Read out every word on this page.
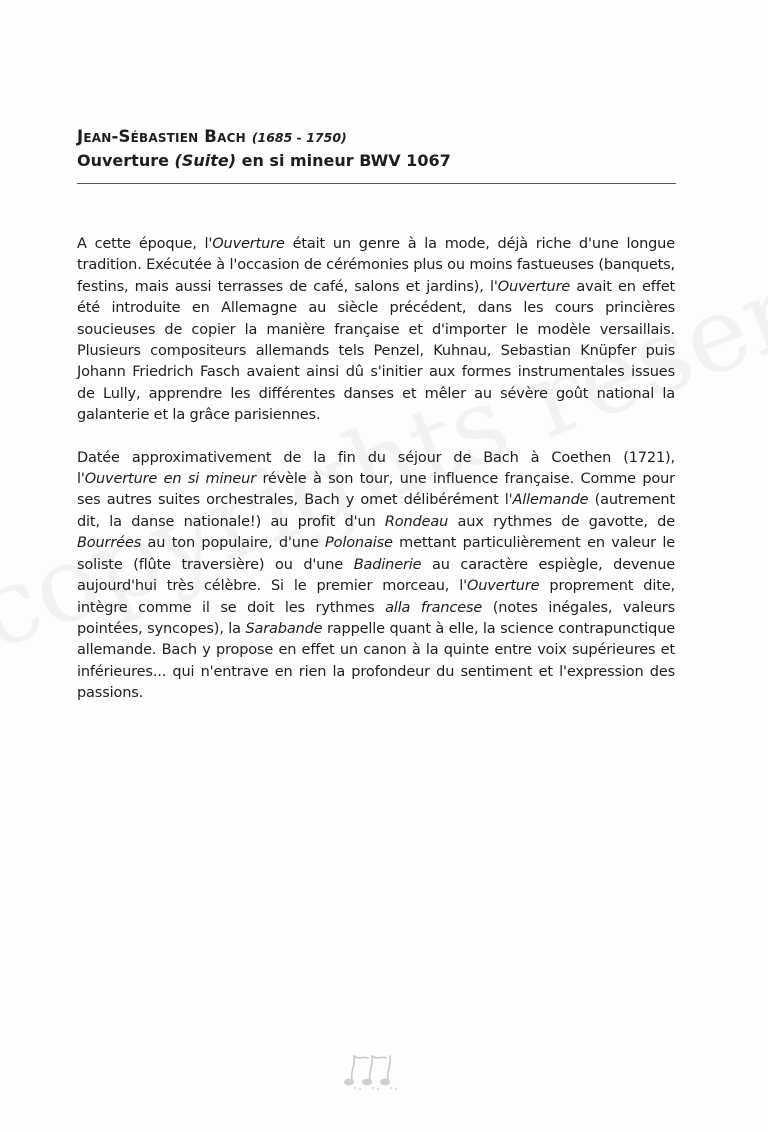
Jean-Sébastien Bach (1685 - 1750)
Ouverture (Suite) en si mineur BWV 1067

A cette époque, l'Ouverture était un genre à la mode, déjà riche d'une longue tradition. Exécutée à l'occasion de cérémonies plus ou moins fastueuses (banquets, festins, mais aussi terrasses de café, salons et jardins), l'Ouverture avait en effet été introduite en Allemagne au siècle précédent, dans les cours princières soucieuses de copier la manière française et d'importer le modèle versaillais. Plusieurs compositeurs allemands tels Penzel, Kuhnau, Sebastian Knüpfer puis Johann Friedrich Fasch avaient ainsi dû s'initier aux formes instrumentales issues de Lully, apprendre les différentes danses et mêler au sévère goût national la galanterie et la grâce parisiennes.

Datée approximativement de la fin du séjour de Bach à Coethen (1721), l'Ouverture en si mineur révèle à son tour, une influence française. Comme pour ses autres suites orchestrales, Bach y omet délibérément l'Allemande (autrement dit, la danse nationale!) au profit d'un Rondeau aux rythmes de gavotte, de Bourrées au ton populaire, d'une Polonaise mettant particulièrement en valeur le soliste (flûte traversière) ou d'une Badinerie au caractère espiègle, devenue aujourd'hui très célèbre. Si le premier morceau, l'Ouverture proprement dite, intègre comme il se doit les rythmes alla francese (notes inégales, valeurs pointées, syncopes), la Sarabande rappelle quant à elle, la science contrapunctique allemande. Bach y propose en effet un canon à la quinte entre voix supérieures et inférieures... qui n'entrave en rien la profondeur du sentiment et l'expression des passions.
